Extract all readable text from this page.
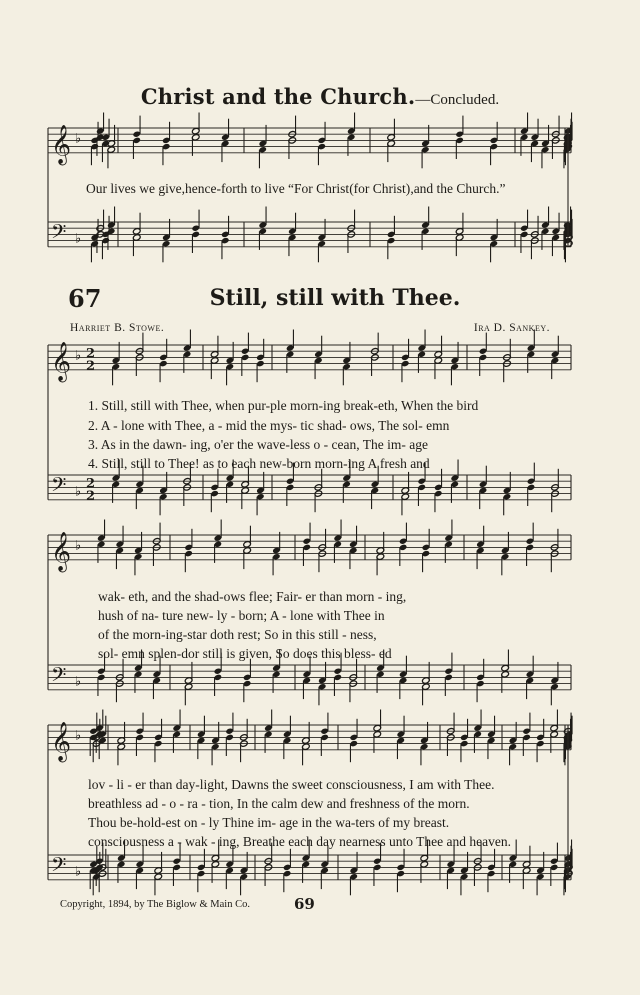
𝄞 ♭
𝄢 ♭
𝄞 ♭ 2
2
𝄢 ♭
2
2
𝄞 ♭
𝄢 ♭
𝄞 ♭
𝄢 ♭
Christ and the Church.—Concluded.
Our lives we give,hence-forth to live “For Christ(for Christ),and the Church.”
67	Still, still with Thee.
Harriet B. Stowe.	Ira D. Sankey.
1. Still, still with Thee, when pur-ple morn-ing break-eth, When the bird
2. A - lone with Thee, a - mid the mys- tic shad- ows, The sol- emn
3. As in the dawn- ing, o'er the wave-less o - cean, The im- age
4. Still, still to Thee! as to each new-born morn-ing A fresh and
wak- eth, and the shad-ows flee; Fair- er than morn - ing,
hush of na- ture new- ly - born; A - lone with Thee in
of the morn-ing-star doth rest; So in this still - ness,
sol- emn splen-dor still is given, So does this bless- ed
lov - li - er than day-light, Dawns the sweet consciousness, I am with Thee.
breathless ad - o - ra - tion, In the calm dew and freshness of the morn.
Thou be-hold-est on - ly Thine im- age in the wa-ters of my breast.
consciousness a - wak - ing, Breathe each day nearness unto Thee and heaven.
Copyright, 1894, by The Biglow & Main Co.	69
